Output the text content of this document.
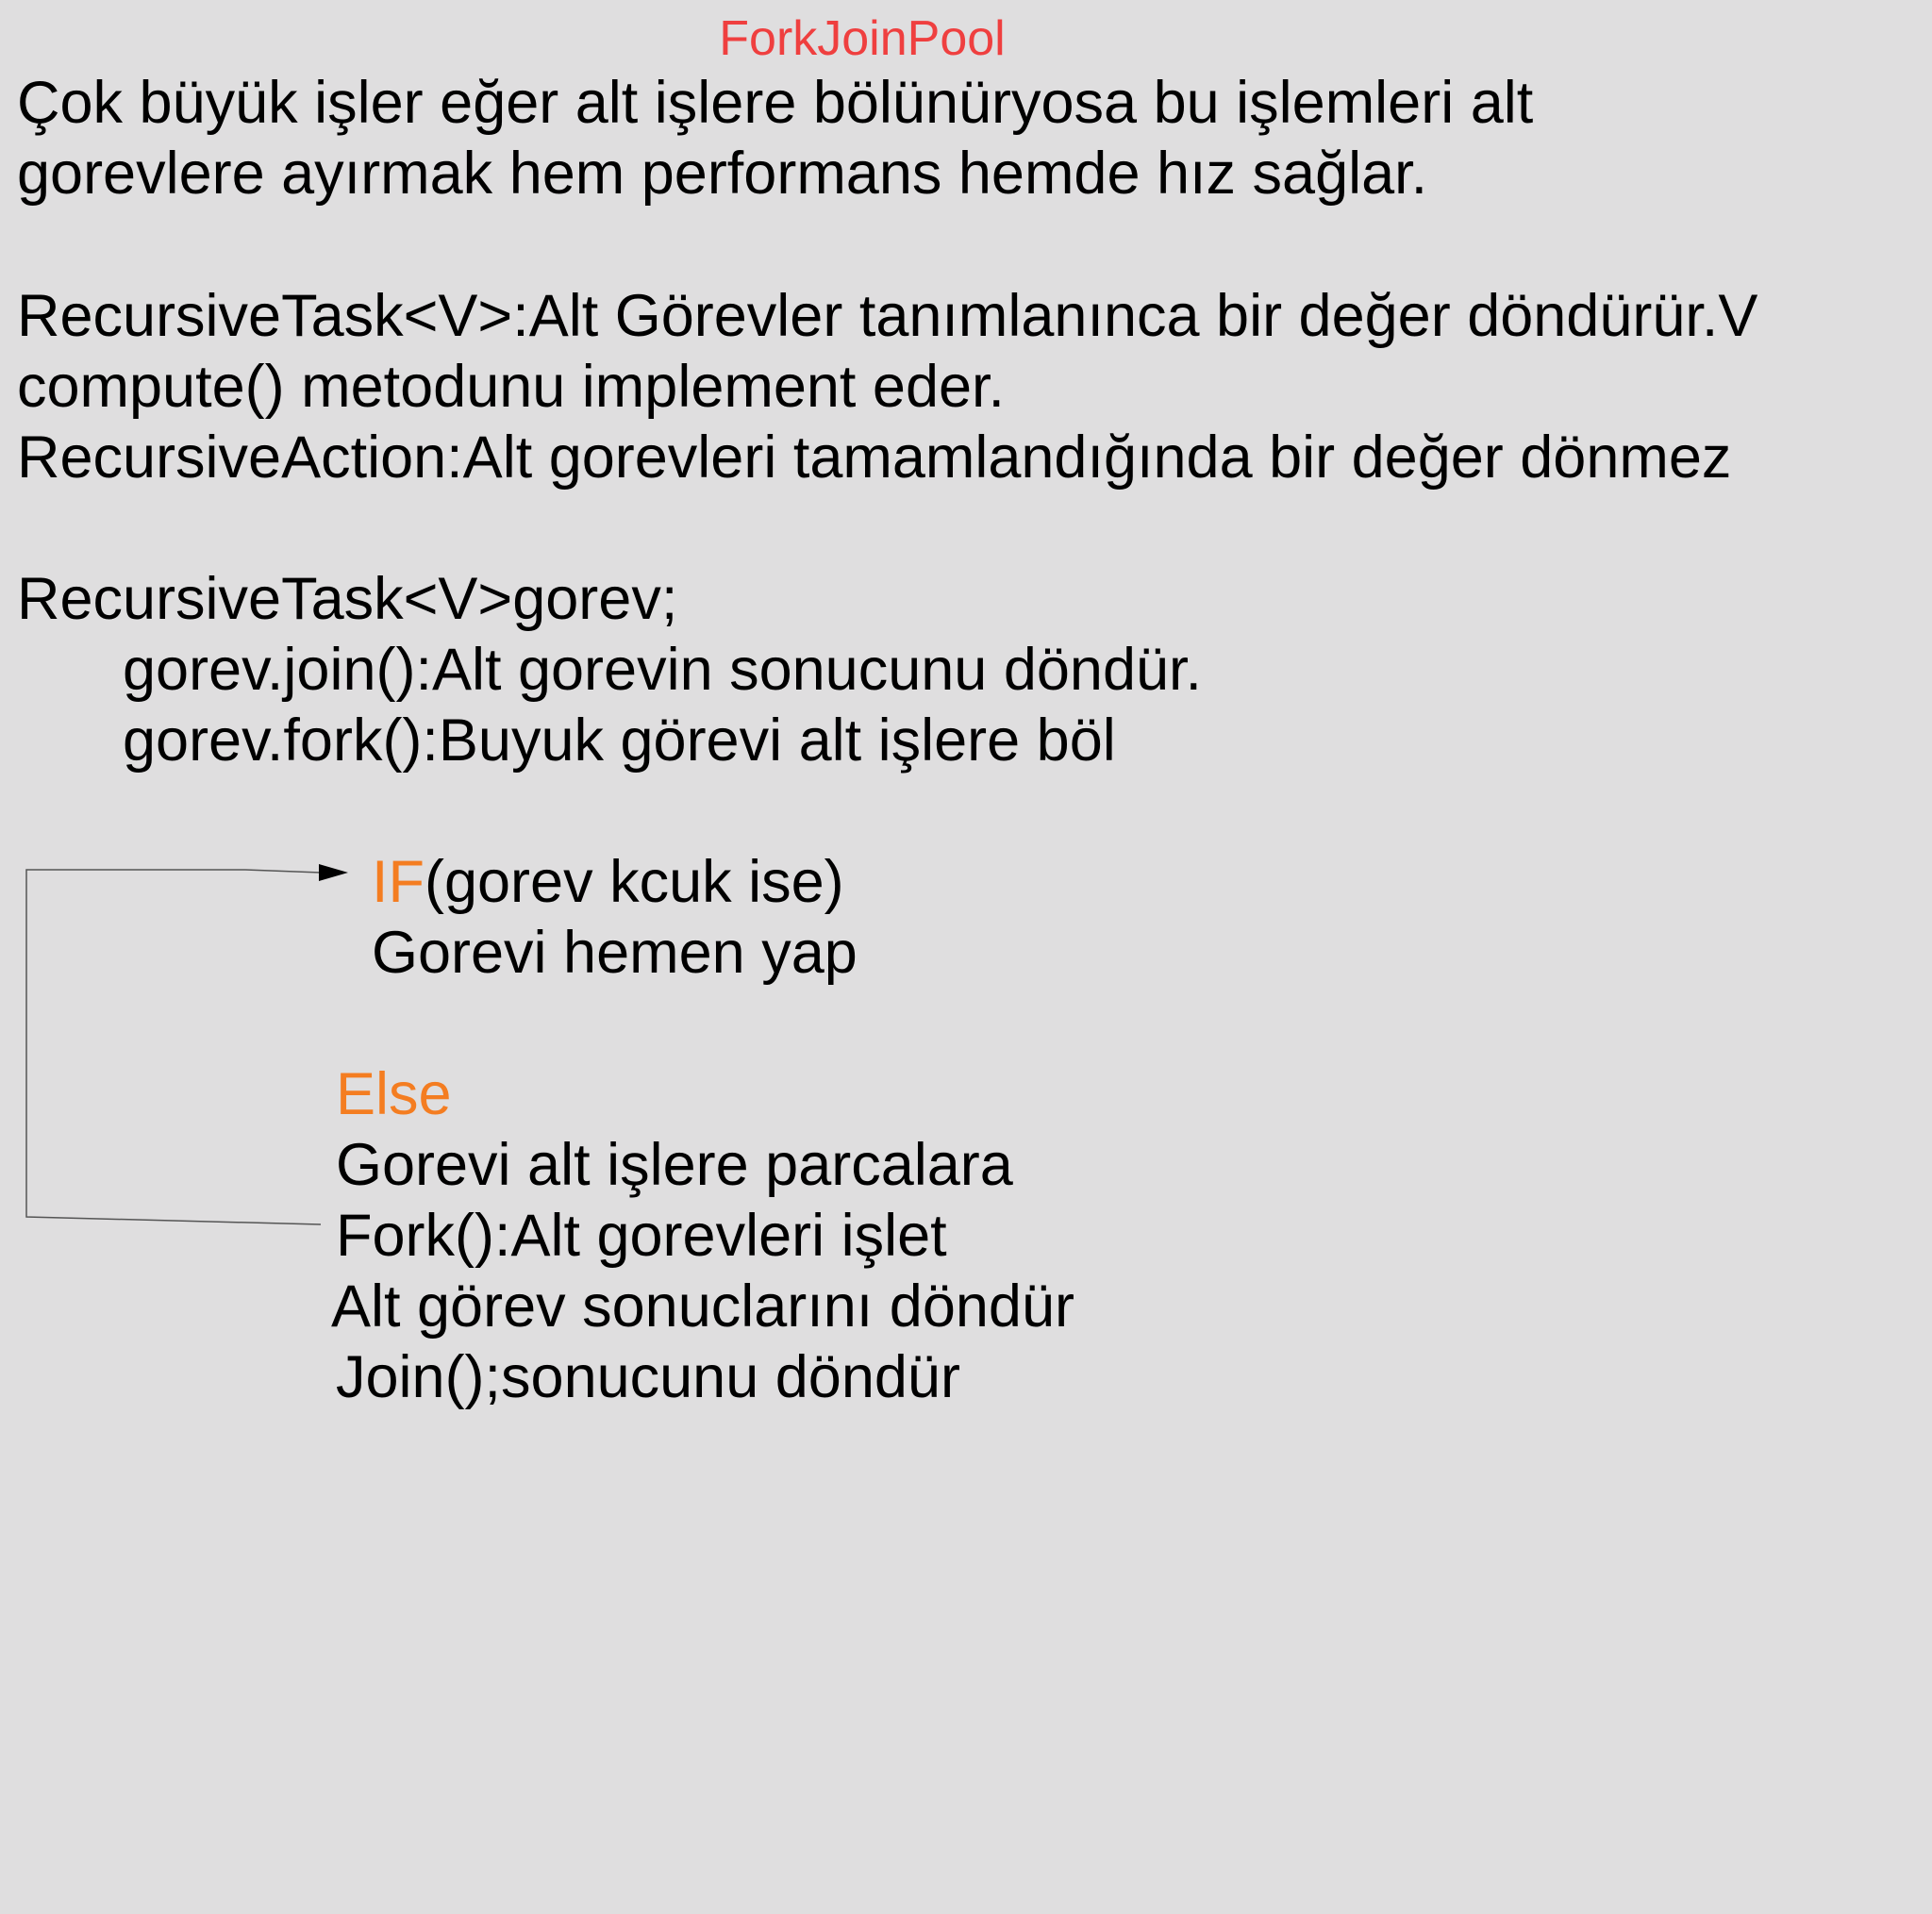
ForkJoinPool

Çok büyük işler eğer alt işlere bölünüryosa bu işlemleri alt

gorevlere ayırmak hem performans hemde hız sağlar.

RecursiveTask<V>:Alt Görevler tanımlanınca bir değer döndürür.V

compute() metodunu implement eder.

RecursiveAction:Alt gorevleri tamamlandığında bir değer dönmez

RecursiveTask<V>gorev;

gorev.join():Alt gorevin sonucunu döndür.

gorev.fork():Buyuk görevi alt işlere böl

IF(gorev kcuk ise)

Gorevi hemen yap

Else

Gorevi alt işlere parcalara

Fork():Alt gorevleri işlet

Alt görev sonuclarını döndür

Join();sonucunu döndür
